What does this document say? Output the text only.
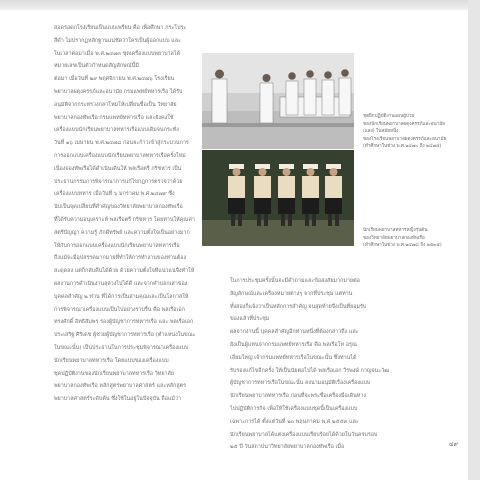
สอดรอดกโรงเรียนเป็นแบบเพรียน คือ เพื่อศึกษา กระโประ

สีดำ ไม่ปรากฏหลักฐานแน่ชัดว่าใครเป็นผู้ออกแบบ และ

ในเวลาต่อมาเมื่อ พ.ศ.๒๔๗๓ ชุดเครื่องแบบพยาบาลได้

หมายเลขเป็นตัวกำหนดสัญลักษณ์นี้มี

ต่อมา เมื่อวันที่ ๒๙ พฤศจิกายน พ.ศ.๒๔๗๖ โรงเรียน

พยาบาลผดุงครรภ์และอนามัย กรมแพทย์ทหารเรือ ได้รับ

อนุมัติจากกระทรวงกลาโหมให้เปลี่ยนชื่อเป็น วิทยาลัย

พยาบาลกองทัพเรือ กรมแพทย์ทหารเรือ และยังคงใช้

เครื่องแบบนักเรียนพยาบาลทหารเรือแบบเดิมจนกระทั่ง

วันที่ ๑๖ เมษายน พ.ศ.๒๔๗๘ ก่อนจะก้าวเข้าสู่กระบวนการ

การออกแบบเครื่องแบบนักเรียนพยาบาลทหารเรือครั้งใหม่

เนื่องจองทัพเรือได้ดำเนินเดินให้ พลเรือตรี กริชหาร เป็น

ประธานกรรมการพิจารณาการแก้ไขกฎการตรวจว่าด้วย

เครื่องแบบทหาร เมื่อวันที่ ๖ มกราคม พ.ศ.๒๔๗๙ ซึ่ง

นับเป็นจุดเปลี่ยนที่สำคัญของวิทยาลัยพยาบาลกองทัพเรือ

ที่ได้รับความอนุเคราะห์ พลเรือตรี กริชหาร โดยท่านให้คุณค่า

สตรีปัญญา ความรู้ ภักดีทรัพย์ และความตั้งใจเป็นอย่างมาก

ให้กับการออกแบบเครื่องแบบนักเรียนพยาบาลทหารเรือ

ถึงแม้จะมีอุปสรรคมากมายที่ทำให้การทำงานของท่านต้อง

สะดุดลง แต่ก็กลับคืนได้ด้วย ด้วยความตั้งใจทีแน่วแน่จึงทำให้

ผลงานการดำเนินงานลุล่วงไปได้ดี และจากคำบอกเล่าของ

บุคคลสำคัญ ๒ ท่าน ที่ได้การเป็นสามคุณและเป็นโลกาสให้

การพิจารณาเครื่องแบบเป็นไปอย่างราบรื่น คือ พลเรือเอก

ทรงศักดิ์ อิทธิสัมพร รองผู้บัญชาการทหารเรือ และ พลเรือเอก

ประเสริฐ ศิริเดช ผู้ช่วยผู้บัญชาการทหารเรือ (ตำแหน่งในขณะ

ในขณะนั้น) เป็นประธานในการประชุมพิจารณาเครื่องแบบ

นักเรียนพยาบาลทหารเรือ โดยแบบของเครื่องแบบ

ชุดปฏิบัติงานของนักเรียนพยาบาลทหารเรือ วิทยาลัย

พยาบาลกองทัพเรือ หลักสูตรพยาบาลศาสตร์ และหลักสูตร

พยาบาลศาสตร์ระดับต้น ซึ่งใช้ในอยู่ในปัจจุบัน ถือแม้ว่า

ชุดฝึกปฏิบัติงานแผนผู้ป่วย
ของนักเรียนพยาบาลผดุงครรภ์และอนามัย
(แสง) ในสมัยหนึ่ง
ของโรงเรียนพยาบาลผดุงครรภ์และอนามัย
(ทำศึกษาในช่วง พ.ศ.๒๔๗๐ ถึง ๒๔๗๕)
นักเรียนพยาบาลทหารหญิงรุ่นต้น
ของวิทยาลัยพยาบาลกองทัพเรือ
(ทำศึกษาในช่วง พ.ศ.๒๔๗๘ ถึง ๒๕๓๕)

ในการประชุมครั้งนั้นจะมีคำถามและข้อสงสัยมากมายต่อ

สัญลักษณ์และเครื่องหมายต่างๆ จากที่ประชุม แต่ท่าน

ทั้งสองก็แจ้งว่าเป็นหลักการสำคัญ จนสุดท้ายจึงเป็นที่ยอมรับ

ของแล้วที่ประชุม

ผลจากงานนี้ บุคคลสำคัญอีกท่านหนึ่งที่ต้องกล่าวถึง และ

ยังเป็นผู้แทนจากกรมแพทย์ทหารเรือ คือ พลเรือโท อรุณ

เอี่ยมใหญ่ เจ้ากรมแพทย์ทหารเรือในขณะนั้น ซึ่งท่านได้

รับรองแก้ไขอีกครั้ง ให้เป็นนัยต่อไปได้ พลเรือเอก วีรพงษ์ กาญจนะวัฒ

ผู้บัญชาการทหารเรือในขณะนั้น ลงนามอนุมัติเรื่องเครื่องแบบ

นักเรียนพยาบาลทหารเรือ ก่อนที่จะพระชื่อเครื่องมือเดินทาง

ไปปฏิบัติการกิจ เพื่อให้ใช้เครื่องแบบชุดนี้เป็นเครื่องแบบ

เฉพาะการได้ ตั้งแต่วันที่ ๒๐ พฤษภาคม พ.ศ.๒๕๕๓ และ

นักเรียนพยาบาลได้แต่งเครื่องแบบเรียบร้อยได้ด้วยในวันครบรอบ

๒๕ ปี วันสถาปนาวิทยาลัยพยาบาลกองทัพเรือ เมื่อ	๔๙
